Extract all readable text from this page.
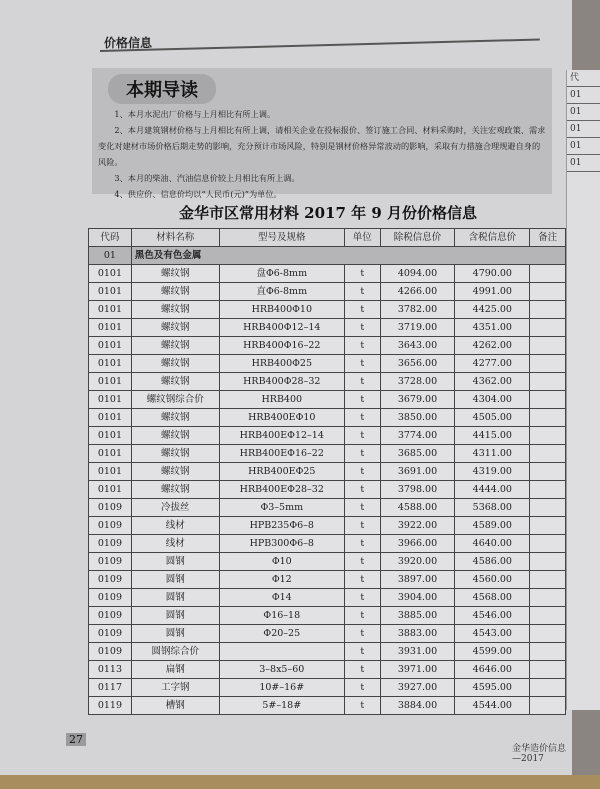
价格信息
本期导读

1、本月水泥出厂价格与上月相比有所上调。

2、本月建筑钢材价格与上月相比有所上调，请相关企业在投标报价、签订施工合同、材料采购时，关注宏观政策、需求变化对建材市场价格后期走势的影响，充分预计市场风险，特别是钢材价格异常波动的影响，采取有力措施合理规避自身的风险。

3、本月的柴油、汽油信息价较上月相比有所上调。

4、供应价、信息价均以“人民币(元)”为单位。

金华市区常用材料 2017 年 9 月份价格信息
代码	材料名称	型号及规格	单位	除税信息价	含税信息价	备注
01	黑色及有色金属					
0101	螺纹钢	盘Φ6-8mm	t	4094.00	4790.00	
0101	螺纹钢	直Φ6-8mm	t	4266.00	4991.00	
0101	螺纹钢	HRB400Φ10	t	3782.00	4425.00	
0101	螺纹钢	HRB400Φ12–14	t	3719.00	4351.00	
0101	螺纹钢	HRB400Φ16–22	t	3643.00	4262.00	
0101	螺纹钢	HRB400Φ25	t	3656.00	4277.00	
0101	螺纹钢	HRB400Φ28–32	t	3728.00	4362.00	
0101	螺纹钢综合价	HRB400	t	3679.00	4304.00	
0101	螺纹钢	HRB400EΦ10	t	3850.00	4505.00	
0101	螺纹钢	HRB400EΦ12–14	t	3774.00	4415.00	
0101	螺纹钢	HRB400EΦ16–22	t	3685.00	4311.00	
0101	螺纹钢	HRB400EΦ25	t	3691.00	4319.00	
0101	螺纹钢	HRB400EΦ28–32	t	3798.00	4444.00	
0109	冷拔丝	Φ3–5mm	t	4588.00	5368.00	
0109	线材	HPB235Φ6–8	t	3922.00	4589.00	
0109	线材	HPB300Φ6–8	t	3966.00	4640.00	
0109	圆钢	Φ10	t	3920.00	4586.00	
0109	圆钢	Φ12	t	3897.00	4560.00	
0109	圆钢	Φ14	t	3904.00	4568.00	
0109	圆钢	Φ16–18	t	3885.00	4546.00	
0109	圆钢	Φ20–25	t	3883.00	4543.00	
0109	圆钢综合价		t	3931.00	4599.00	
0113	扁钢	3–8x5–60	t	3971.00	4646.00	
0117	工字钢	10#–16#	t	3927.00	4595.00	
0119	槽钢	5#–18#	t	3884.00	4544.00	
27
金华造价信息—2017
代
01
01
01
01
01
